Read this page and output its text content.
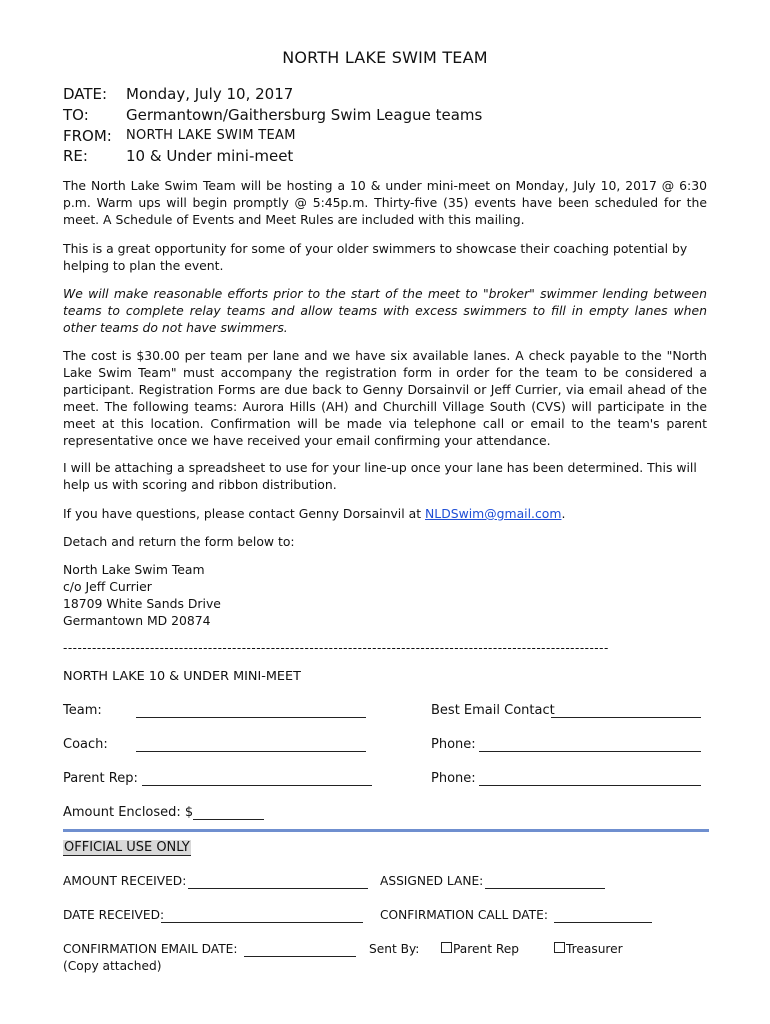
NORTH LAKE SWIM TEAM
DATE: Monday, July 10, 2017
TO: Germantown/Gaithersburg Swim League teams
FROM: NORTH LAKE SWIM TEAM
RE:	10 & Under mini-meet

The North Lake Swim Team will be hosting a 10 & under mini-meet on Monday, July 10, 2017 @ 6:30 p.m. Warm ups will begin promptly @ 5:45p.m. Thirty-five (35) events have been scheduled for the meet. A Schedule of Events and Meet Rules are included with this mailing.

This is a great opportunity for some of your older swimmers to showcase their coaching potential by helping to plan the event.

We will make reasonable efforts prior to the start of the meet to "broker" swimmer lending between teams to complete relay teams and allow teams with excess swimmers to fill in empty lanes when other teams do not have swimmers.

The cost is $30.00 per team per lane and we have six available lanes. A check payable to the "North Lake Swim Team" must accompany the registration form in order for the team to be considered a participant. Registration Forms are due back to Genny Dorsainvil or Jeff Currier, via email ahead of the meet. The following teams: Aurora Hills (AH) and Churchill Village South (CVS) will participate in the meet at this location. Confirmation will be made via telephone call or email to the team's parent representative once we have received your email confirming your attendance.

I will be attaching a spreadsheet to use for your line-up once your lane has been determined. This will help us with scoring and ribbon distribution.

If you have questions, please contact Genny Dorsainvil at NLDSwim@gmail.com.

Detach and return the form below to:

North Lake Swim Team
c/o Jeff Currier
18709 White Sands Drive
Germantown MD 20874
-----------------------------------------------------------------------------------------------------------------
NORTH LAKE 10 & UNDER MINI-MEET
Team:	Best Email Contact
Coach:	Phone:
Parent Rep:	Phone:
Amount Enclosed: $
OFFICIAL USE ONLY
AMOUNT RECEIVED:	ASSIGNED LANE:
DATE RECEIVED:	CONFIRMATION CALL DATE:
CONFIRMATION EMAIL DATE:	Sent By:	Parent Rep	Treasurer
(Copy attached)
